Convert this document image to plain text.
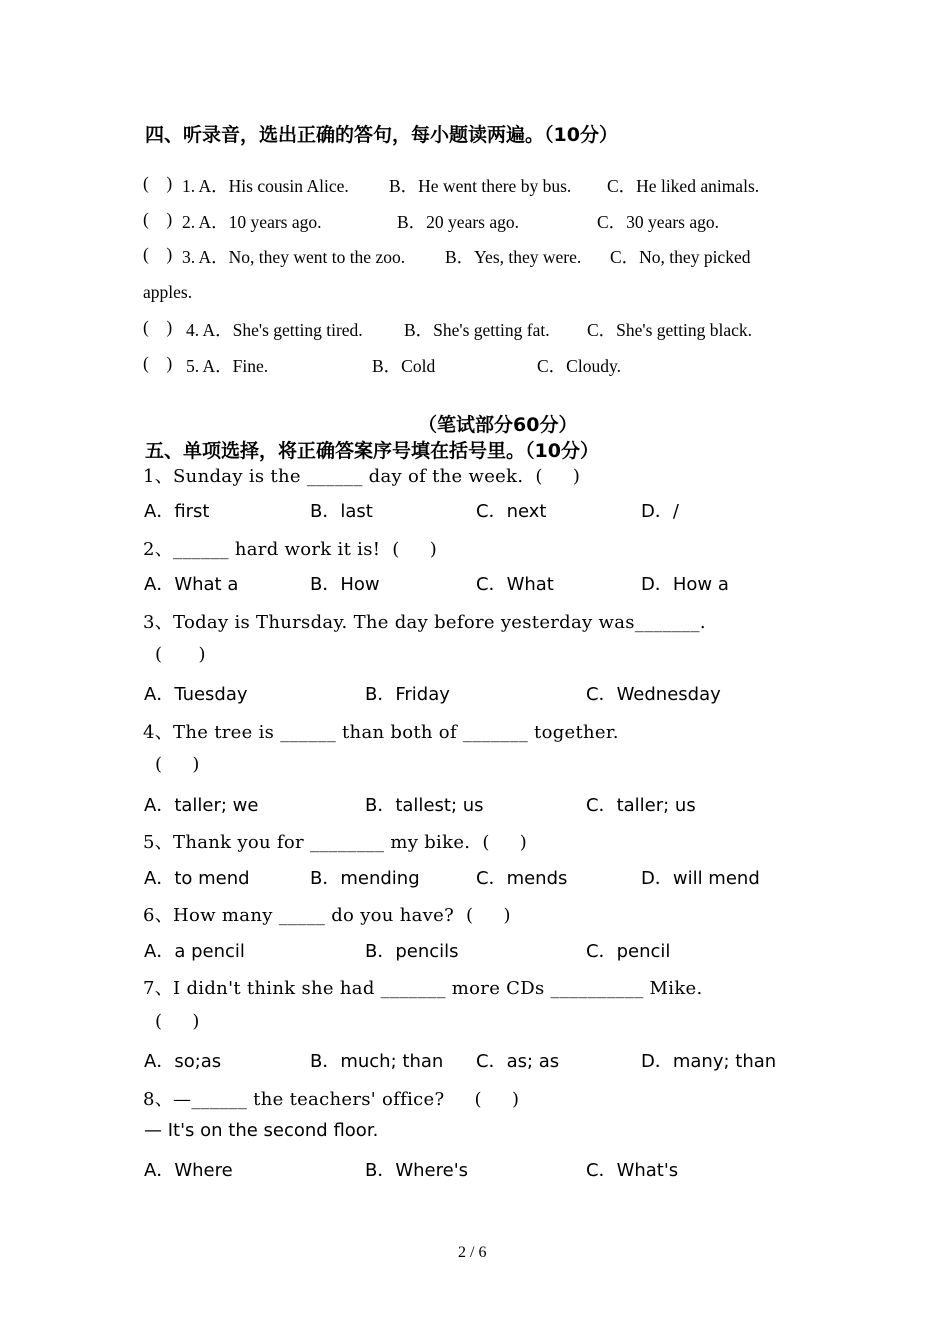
四、听录音，选出正确的答句，每小题读两遍。（10分）
(    ) 1. A．His cousin Alice. B．He went there by bus. C．He liked animals.
(    ) 2. A．10 years ago.	B．20 years ago.	C．30 years ago.
(    ) 3. A．No, they went to the zoo. B．Yes, they were. C．No, they picked
apples.
(    ) 4. A．She's getting tired. B．She's getting fat. C．She's getting black.
(    ) 5. A．Fine.	B．Cold	C．Cloudy.
（笔试部分60分）
五、单项选择，将正确答案序号填在括号里。（10分）
1、Sunday is the ______ day of the week.  (     )
A．first	B．last	C．next	D．/
2、______ hard work it is!  (     )
A．What a	B．How	C．What	D．How a
3、Today is Thursday. The day before yesterday was_______.
(      )
A．Tuesday	B．Friday	C．Wednesday
4、The tree is ______ than both of _______ together.
(     )
A．taller; we	B．tallest; us	C．taller; us
5、Thank you for ________ my bike.  (     )
A．to mend	B．mending	C．mends	D．will mend
6、How many _____ do you have?  (     )
A．a pencil	B．pencils	C．pencil
7、I didn't think she had _______ more CDs __________ Mike.
(     )
A．so;as	B．much; than C．as; as	D．many; than
8、—______ the teachers' office?     (     )
— It's on the second floor.
A．Where	B．Where's	C．What's
2 / 6
